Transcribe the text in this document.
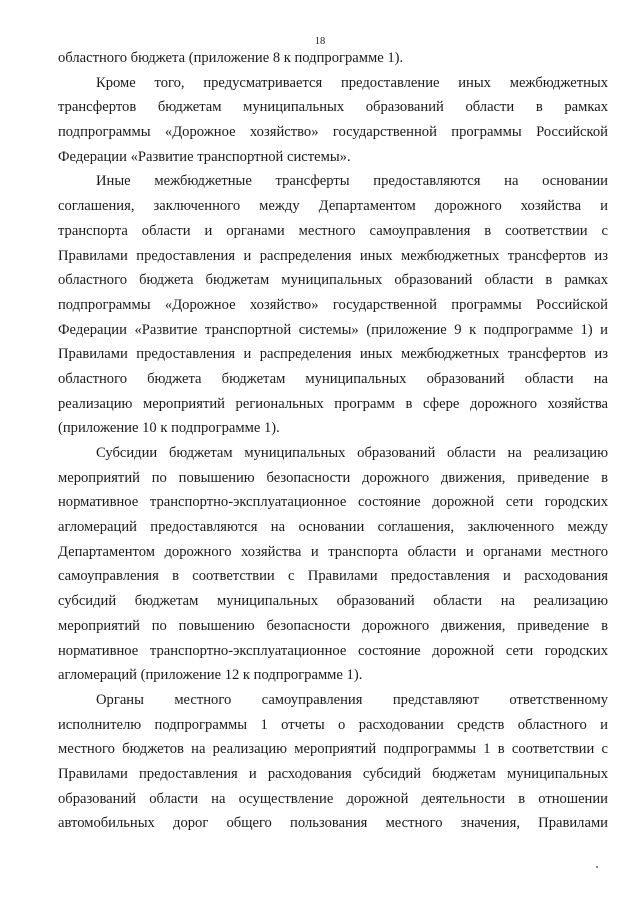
18
областного бюджета (приложение 8 к подпрограмме 1).
Кроме того, предусматривается предоставление иных межбюджетных
трансфертов бюджетам муниципальных образований области в рамках
подпрограммы «Дорожное хозяйство» государственной программы Российской
Федерации «Развитие транспортной системы».
Иные межбюджетные трансферты предоставляются на основании
соглашения, заключенного между Департаментом дорожного хозяйства и
транспорта области и органами местного самоуправления в соответствии с
Правилами предоставления и распределения иных межбюджетных трансфертов из
областного бюджета бюджетам муниципальных образований области в рамках
подпрограммы «Дорожное хозяйство» государственной программы Российской
Федерации «Развитие транспортной системы» (приложение 9 к подпрограмме 1) и
Правилами предоставления и распределения иных межбюджетных трансфертов из
областного бюджета бюджетам муниципальных образований области на
реализацию мероприятий региональных программ в сфере дорожного хозяйства
(приложение 10 к подпрограмме 1).
Субсидии бюджетам муниципальных образований области на реализацию
мероприятий по повышению безопасности дорожного движения, приведение в
нормативное транспортно-эксплуатационное состояние дорожной сети городских
агломераций предоставляются на основании соглашения, заключенного между
Департаментом дорожного хозяйства и транспорта области и органами местного
самоуправления в соответствии с Правилами предоставления и расходования
субсидий бюджетам муниципальных образований области на реализацию
мероприятий по повышению безопасности дорожного движения, приведение в
нормативное транспортно-эксплуатационное состояние дорожной сети городских
агломераций (приложение 12 к подпрограмме 1).
Органы местного самоуправления представляют ответственному
исполнителю подпрограммы 1 отчеты о расходовании средств областного и
местного бюджетов на реализацию мероприятий подпрограммы 1 в соответствии с
Правилами предоставления и расходования субсидий бюджетам муниципальных
образований области на осуществление дорожной деятельности в отношении
автомобильных дорог общего пользования местного значения, Правилами
